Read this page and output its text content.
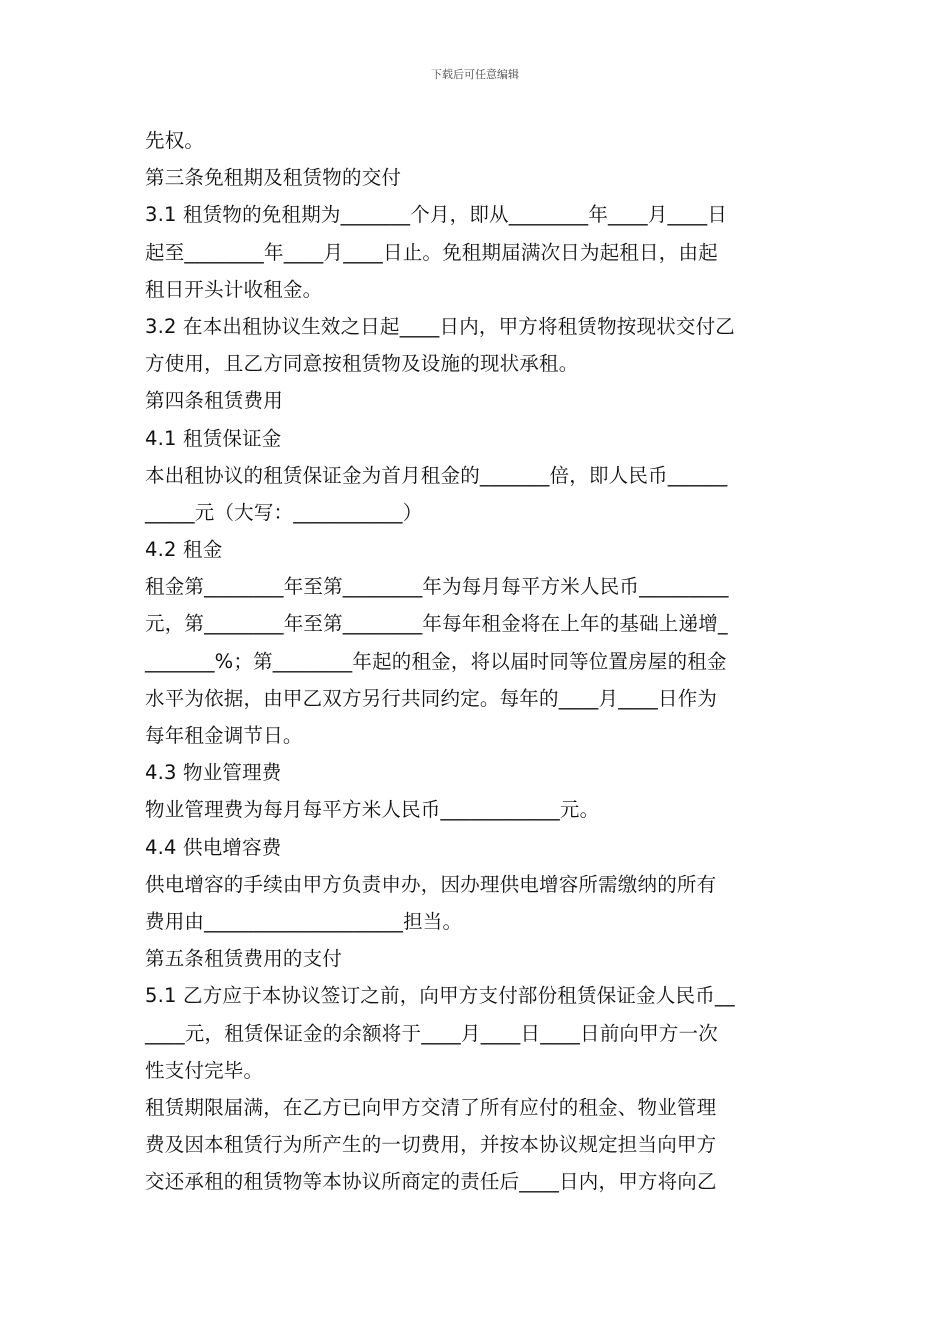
下载后可任意编辑
先权。
第三条免租期及租赁物的交付
3.1 租赁物的免租期为_______个月，即从________年____月____日
起至________年____月____日止。免租期届满次日为起租日，由起
租日开头计收租金。
3.2 在本出租协议生效之日起____日内，甲方将租赁物按现状交付乙
方使用，且乙方同意按租赁物及设施的现状承租。
第四条租赁费用
4.1 租赁保证金
本出租协议的租赁保证金为首月租金的_______倍，即人民币______
_____元（大写：___________）
4.2 租金
租金第________年至第________年为每月每平方米人民币_________
元，第________年至第________年每年租金将在上年的基础上递增_
_______%；第________年起的租金，将以届时同等位置房屋的租金
水平为依据，由甲乙双方另行共同约定。每年的____月____日作为
每年租金调节日。
4.3 物业管理费
物业管理费为每月每平方米人民币____________元。
4.4 供电增容费
供电增容的手续由甲方负责申办，因办理供电增容所需缴纳的所有
费用由____________________担当。
第五条租赁费用的支付
5.1 乙方应于本协议签订之前，向甲方支付部份租赁保证金人民币__
____元，租赁保证金的余额将于____月____日____日前向甲方一次
性支付完毕。
租赁期限届满，在乙方已向甲方交清了所有应付的租金、物业管理
费及因本租赁行为所产生的一切费用，并按本协议规定担当向甲方
交还承租的租赁物等本协议所商定的责任后____日内，甲方将向乙
